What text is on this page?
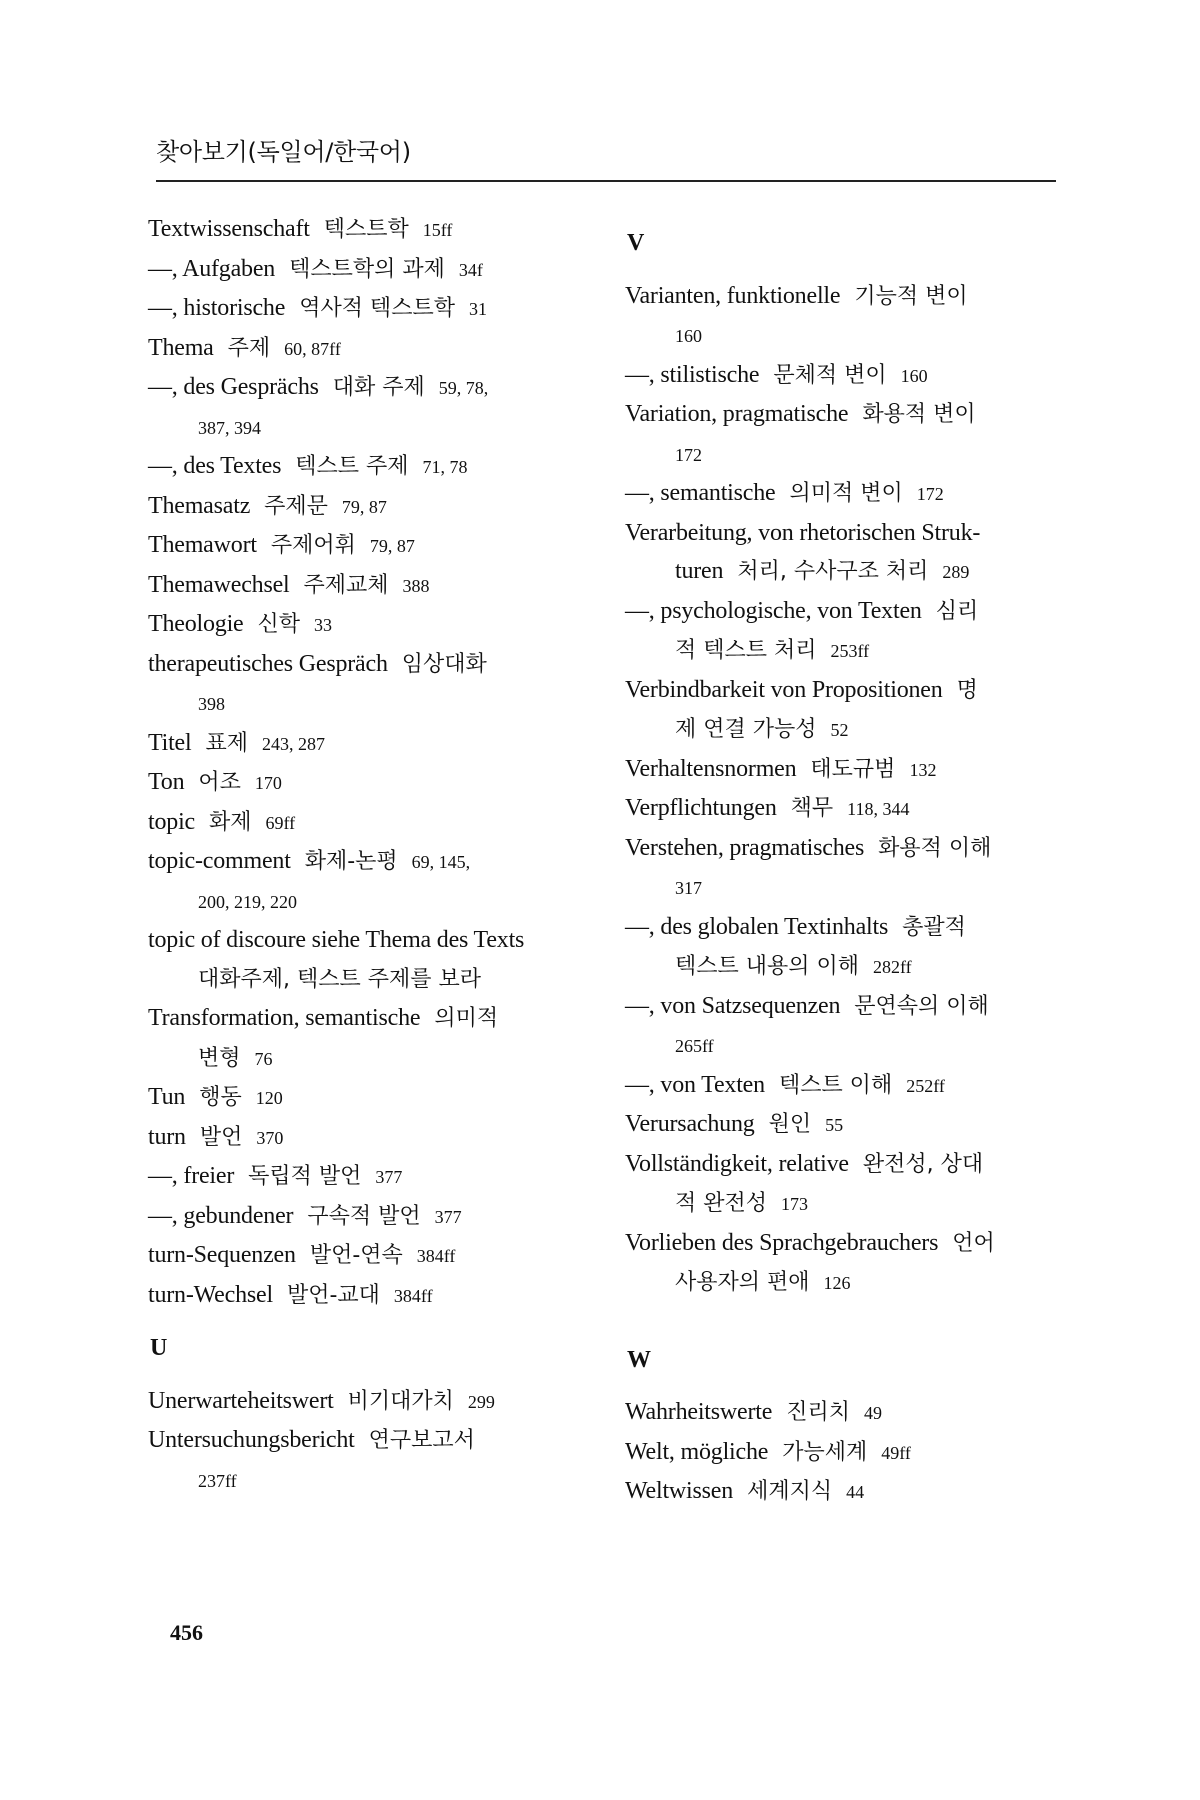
찾아보기(독일어/한국어)
Textwissenschaft 텍스트학 15ff
—, Aufgaben 텍스트학의 과제 34f
—, historische 역사적 텍스트학 31
Thema 주제 60, 87ff
—, des Gesprächs 대화 주제 59, 78,
387, 394
—, des Textes 텍스트 주제 71, 78
Themasatz 주제문 79, 87
Themawort 주제어휘 79, 87
Themawechsel 주제교체 388
Theologie 신학 33
therapeutisches Gespräch 임상대화
398
Titel 표제 243, 287
Ton 어조 170
topic 화제 69ff
topic-comment 화제-논평 69, 145,
200, 219, 220
topic of discoure siehe Thema des Texts
대화주제, 텍스트 주제를 보라
Transformation, semantische 의미적
변형 76
Tun 행동 120
turn 발언 370
—, freier 독립적 발언 377
—, gebundener 구속적 발언 377
turn-Sequenzen 발언-연속 384ff
turn-Wechsel 발언-교대 384ff
U
Unerwarteheitswert 비기대가치 299
Untersuchungsbericht 연구보고서
237ff
V
Varianten, funktionelle 기능적 변이
160
—, stilistische 문체적 변이 160
Variation, pragmatische 화용적 변이
172
—, semantische 의미적 변이 172
Verarbeitung, von rhetorischen Struk-
turen 처리, 수사구조 처리 289
—, psychologische, von Texten 심리
적 텍스트 처리 253ff
Verbindbarkeit von Propositionen 명
제 연결 가능성 52
Verhaltensnormen 태도규범 132
Verpflichtungen 책무 118, 344
Verstehen, pragmatisches 화용적 이해
317
—, des globalen Textinhalts 총괄적
텍스트 내용의 이해 282ff
—, von Satzsequenzen 문연속의 이해
265ff
—, von Texten 텍스트 이해 252ff
Verursachung 원인 55
Vollständigkeit, relative 완전성, 상대
적 완전성 173
Vorlieben des Sprachgebrauchers 언어
사용자의 편애 126
W
Wahrheitswerte 진리치 49
Welt, mögliche 가능세계 49ff
Weltwissen 세계지식 44
456
